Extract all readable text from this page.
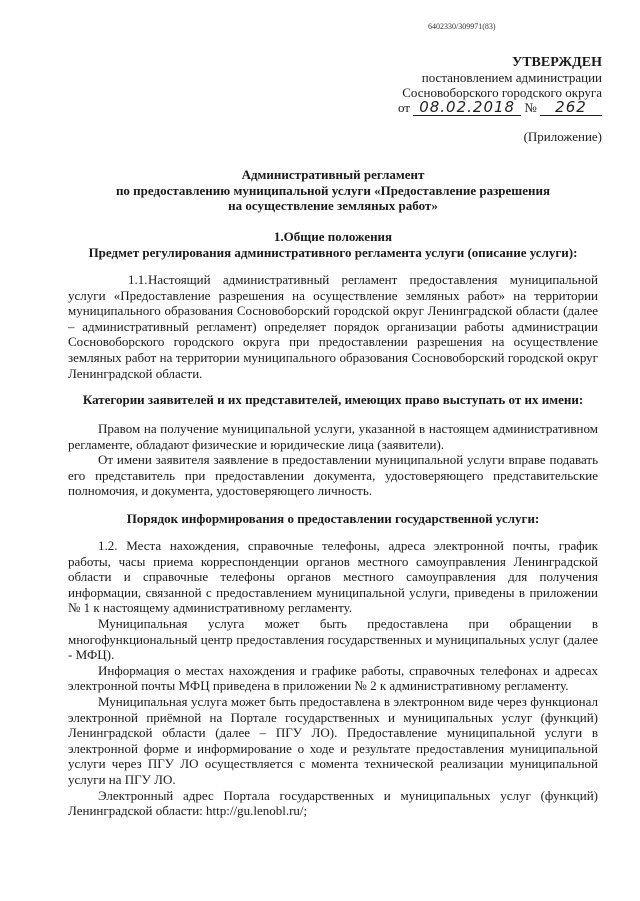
6402330/309971(83)
УТВЕРЖДЕН
постановлением администрации
Сосновоборского городского округа
от 08.02.2018 № 262
(Приложение)
Административный регламент
по предоставлению муниципальной услуги «Предоставление разрешения
на осуществление земляных работ»
1.Общие положения
Предмет регулирования административного регламента услуги (описание услуги):

1.1.Настоящий административный регламент предоставления муниципальной услуги «Предоставление разрешения на осуществление земляных работ» на территории муниципального образования Сосновоборский городской округ Ленинградской области (далее – административный регламент) определяет порядок организации работы администрации Сосновоборского городского округа при предоставлении разрешения на осуществление земляных работ на территории муниципального образования Сосновоборский городской округ Ленинградской области.

Категории заявителей и их представителей, имеющих право выступать от их имени:

Правом на получение муниципальной услуги, указанной в настоящем административном регламенте, обладают физические и юридические лица (заявители).

От имени заявителя заявление в предоставлении муниципальной услуги вправе подавать его представитель при предоставлении документа, удостоверяющего представительские полномочия, и документа, удостоверяющего личность.

Порядок информирования о предоставлении государственной услуги:

1.2. Места нахождения, справочные телефоны, адреса электронной почты, график работы, часы приема корреспонденции органов местного самоуправления Ленинградской области и справочные телефоны органов местного самоуправления для получения информации, связанной с предоставлением муниципальной услуги, приведены в приложении № 1 к настоящему административному регламенту.

Муниципальная услуга может быть предоставлена при обращении в многофункциональный центр предоставления государственных и муниципальных услуг (далее - МФЦ).

Информация о местах нахождения и графике работы, справочных телефонах и адресах электронной почты МФЦ приведена в приложении № 2 к административному регламенту.

Муниципальная услуга может быть предоставлена в электронном виде через функционал электронной приёмной на Портале государственных и муниципальных услуг (функций) Ленинградской области (далее – ПГУ ЛО). Предоставление муниципальной услуги в электронной форме и информирование о ходе и результате предоставления муниципальной услуги через ПГУ ЛО осуществляется с момента технической реализации муниципальной услуги на ПГУ ЛО.

Электронный адрес Портала государственных и муниципальных услуг (функций) Ленинградской области: http://gu.lenobl.ru/;
